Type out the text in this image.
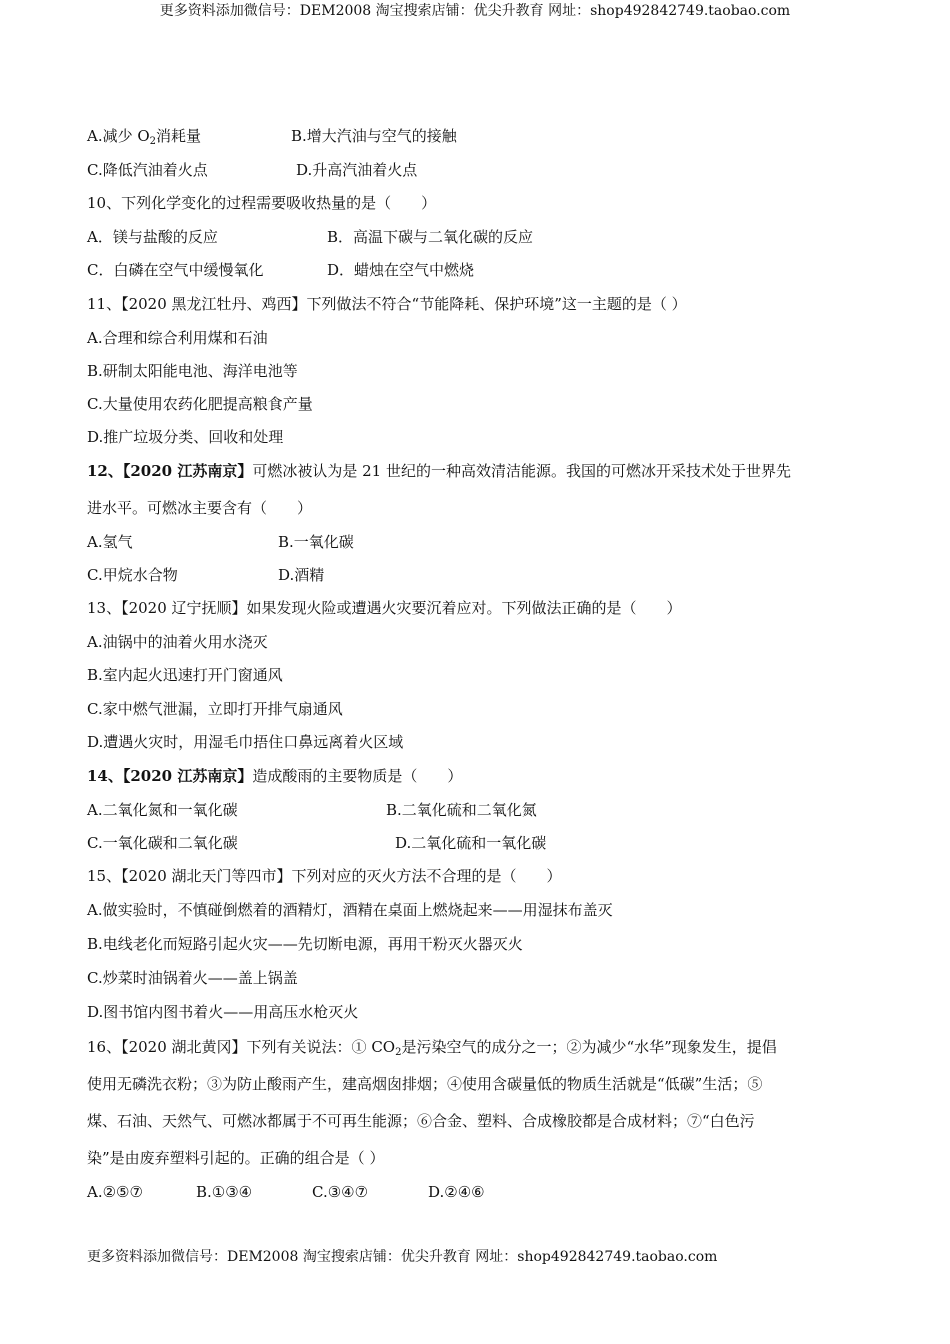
更多资料添加微信号：DEM2008 淘宝搜索店铺：优尖升教育 网址：shop492842749.taobao.com
A.减少 $O_2$消耗量	B.增大汽油与空气的接触
C.降低汽油着火点	D.升高汽油着火点
10、下列化学变化的过程需要吸收热量的是（　　）
A．镁与盐酸的反应	B．高温下碳与二氧化碳的反应
C．白磷在空气中缓慢氧化	D．蜡烛在空气中燃烧
11、【2020 黑龙江牡丹、鸡西】下列做法不符合“节能降耗、保护环境”这一主题的是（ ）
A.合理和综合利用煤和石油
B.研制太阳能电池、海洋电池等
C.大量使用农药化肥提高粮食产量
D.推广垃圾分类、回收和处理
12、【2020 江苏南京】可燃冰被认为是 21 世纪的一种高效清洁能源。我国的可燃冰开采技术处于世界先
进水平。可燃冰主要含有（　　）
A.氢气	B.一氧化碳
C.甲烷水合物	D.酒精
13、【2020 辽宁抚顺】如果发现火险或遭遇火灾要沉着应对。下列做法正确的是（　　）
A.油锅中的油着火用水浇灭
B.室内起火迅速打开门窗通风
C.家中燃气泄漏，立即打开排气扇通风
D.遭遇火灾时，用湿毛巾捂住口鼻远离着火区域
14、【2020 江苏南京】造成酸雨的主要物质是（　　）
A.二氧化氮和一氧化碳	B.二氧化硫和二氧化氮
C.一氧化碳和二氧化碳	D.二氧化硫和一氧化碳
15、【2020 湖北天门等四市】下列对应的灭火方法不合理的是（　　）
A.做实验时，不慎碰倒燃着的酒精灯，酒精在桌面上燃烧起来——用湿抹布盖灭
B.电线老化而短路引起火灾——先切断电源，再用干粉灭火器灭火
C.炒菜时油锅着火——盖上锅盖
D.图书馆内图书着火——用高压水枪灭火
16、【2020 湖北黄冈】下列有关说法：① $CO_2$是污染空气的成分之一；②为减少“水华”现象发生，提倡
使用无磷洗衣粉；③为防止酸雨产生，建高烟囱排烟；④使用含碳量低的物质生活就是“低碳”生活；⑤
煤、石油、天然气、可燃冰都属于不可再生能源；⑥合金、塑料、合成橡胶都是合成材料；⑦“白色污
染”是由废弃塑料引起的。正确的组合是（ ）
A.②⑤⑦	B.①③④	C.③④⑦	D.②④⑥
更多资料添加微信号：DEM2008 淘宝搜索店铺：优尖升教育 网址：shop492842749.taobao.com
